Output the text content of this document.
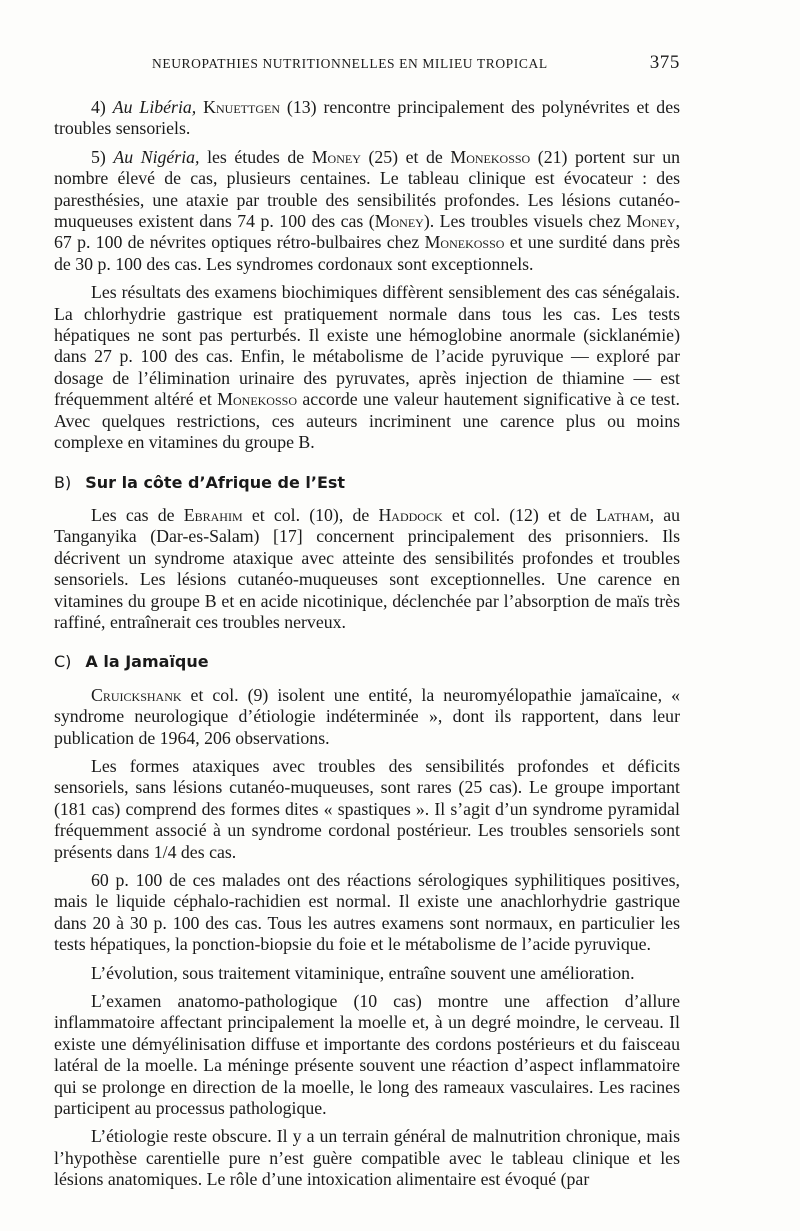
NEUROPATHIES NUTRITIONNELLES EN MILIEU TROPICAL	375

4) Au Libéria, Knuettgen (13) rencontre principalement des polynévrites et des troubles sensoriels.

5) Au Nigéria, les études de Money (25) et de Monekosso (21) portent sur un nombre élevé de cas, plusieurs centaines. Le tableau clinique est évocateur : des paresthésies, une ataxie par trouble des sensibilités profondes. Les lésions cutanéo-muqueuses existent dans 74 p. 100 des cas (Money). Les troubles visuels chez Money, 67 p. 100 de névrites optiques rétro-bulbaires chez Monekosso et une surdité dans près de 30 p. 100 des cas. Les syndromes cordonaux sont exceptionnels.

Les résultats des examens biochimiques diffèrent sensiblement des cas sénégalais. La chlorhydrie gastrique est pratiquement normale dans tous les cas. Les tests hépatiques ne sont pas perturbés. Il existe une hémoglobine anormale (sicklanémie) dans 27 p. 100 des cas. Enfin, le métabolisme de l’acide pyruvique — exploré par dosage de l’élimination urinaire des pyruvates, après injection de thiamine — est fréquemment altéré et Monekosso accorde une valeur hautement significative à ce test. Avec quelques restrictions, ces auteurs incriminent une carence plus ou moins complexe en vitamines du groupe B.

B) Sur la côte d’Afrique de l’Est

Les cas de Ebrahim et col. (10), de Haddock et col. (12) et de Latham, au Tanganyika (Dar-es-Salam) [17] concernent principalement des prisonniers. Ils décrivent un syndrome ataxique avec atteinte des sensibilités profondes et troubles sensoriels. Les lésions cutanéo-muqueuses sont exceptionnelles. Une carence en vitamines du groupe B et en acide nicotinique, déclenchée par l’absorption de maïs très raffiné, entraînerait ces troubles nerveux.

C) A la Jamaïque

Cruickshank et col. (9) isolent une entité, la neuromyélopathie jamaïcaine, « syndrome neurologique d’étiologie indéterminée », dont ils rapportent, dans leur publication de 1964, 206 observations.

Les formes ataxiques avec troubles des sensibilités profondes et déficits sensoriels, sans lésions cutanéo-muqueuses, sont rares (25 cas). Le groupe important (181 cas) comprend des formes dites « spastiques ». Il s’agit d’un syndrome pyramidal fréquemment associé à un syndrome cordonal postérieur. Les troubles sensoriels sont présents dans 1/4 des cas.

60 p. 100 de ces malades ont des réactions sérologiques syphilitiques positives, mais le liquide céphalo-rachidien est normal. Il existe une anachlorhydrie gastrique dans 20 à 30 p. 100 des cas. Tous les autres examens sont normaux, en particulier les tests hépatiques, la ponction-biopsie du foie et le métabolisme de l’acide pyruvique.

L’évolution, sous traitement vitaminique, entraîne souvent une amélioration.

L’examen anatomo-pathologique (10 cas) montre une affection d’allure inflammatoire affectant principalement la moelle et, à un degré moindre, le cerveau. Il existe une démyélinisation diffuse et importante des cordons postérieurs et du faisceau latéral de la moelle. La méninge présente souvent une réaction d’aspect inflammatoire qui se prolonge en direction de la moelle, le long des rameaux vasculaires. Les racines participent au processus pathologique.

L’étiologie reste obscure. Il y a un terrain général de malnutrition chronique, mais l’hypothèse carentielle pure n’est guère compatible avec le tableau clinique et les lésions anatomiques. Le rôle d’une intoxication alimentaire est évoqué (par
